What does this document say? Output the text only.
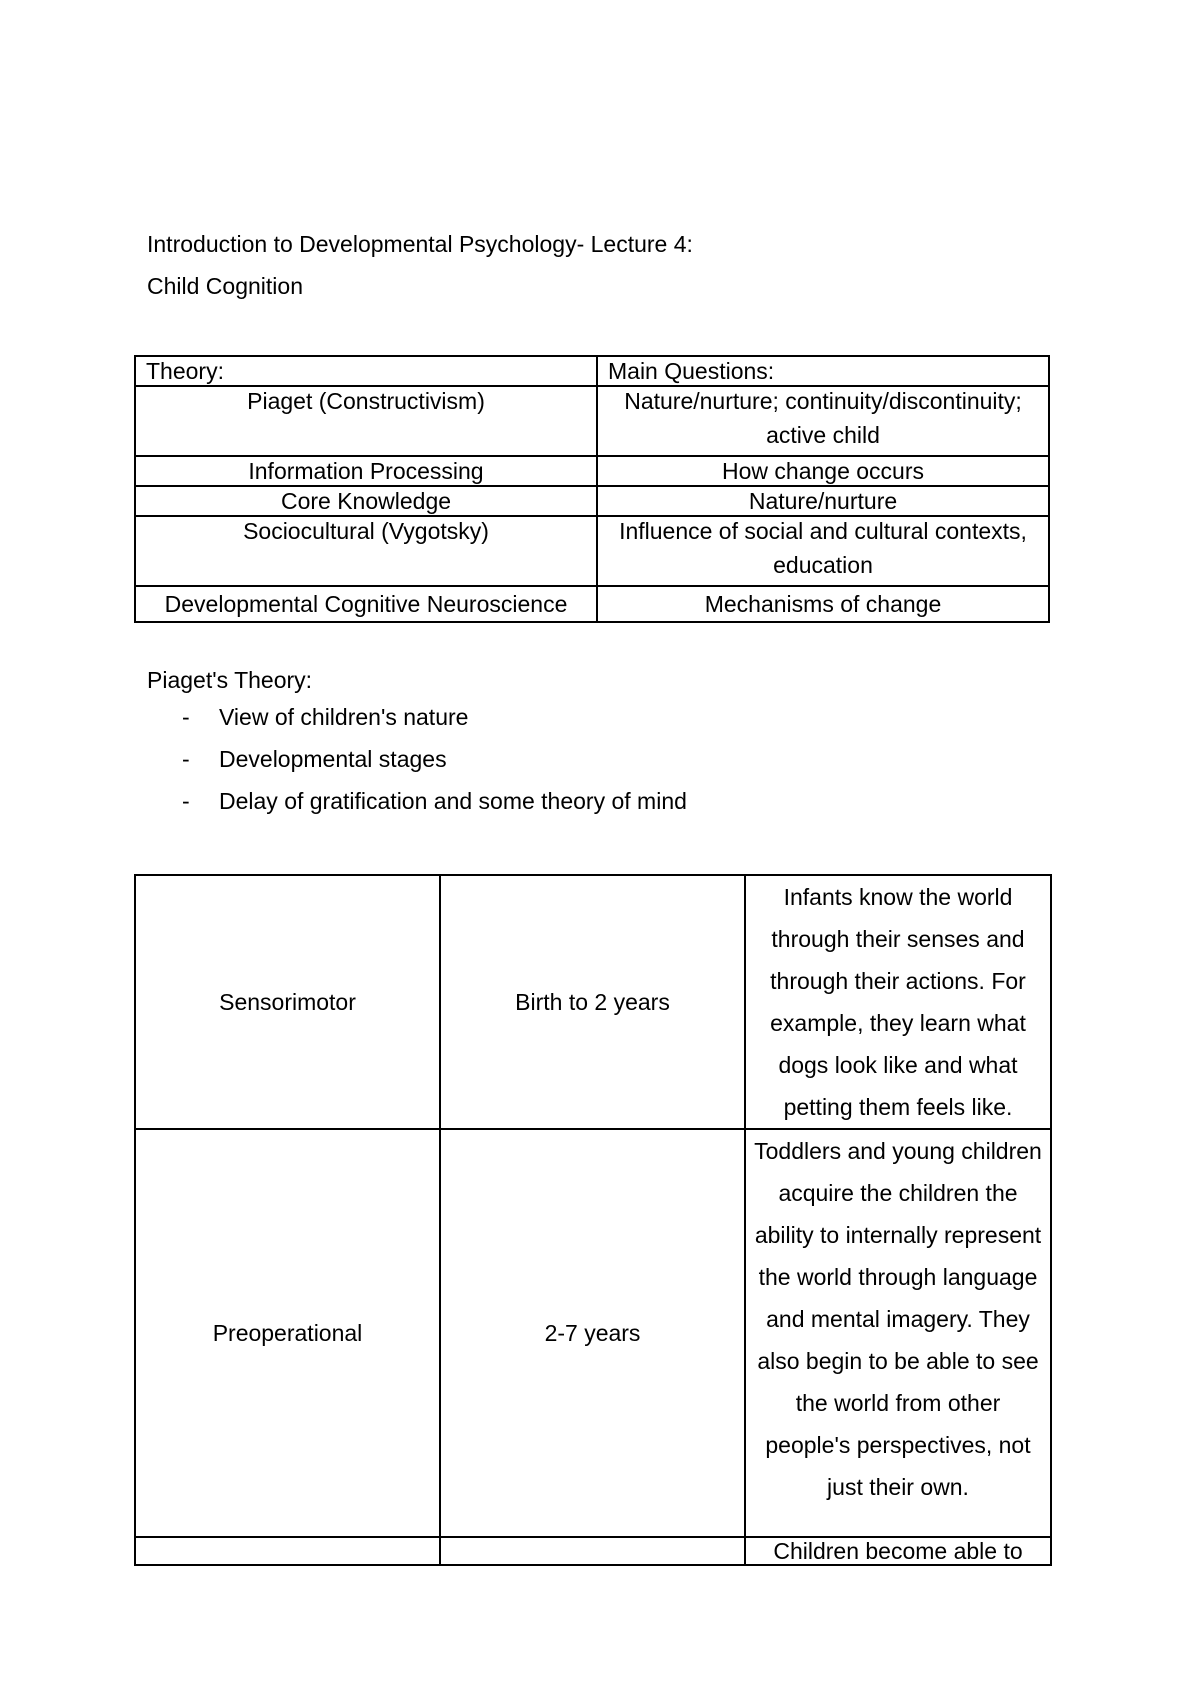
Introduction to Developmental Psychology- Lecture 4:
Child Cognition
Theory:	Main Questions:
Piaget (Constructivism)	Nature/nurture; continuity/discontinuity;
active child

Information Processing	How change occurs
Core Knowledge	Nature/nurture
Sociocultural (Vygotsky)	Influence of social and cultural contexts,
education

Developmental Cognitive Neuroscience	Mechanisms of change
Piaget's Theory:
- View of children's nature
- Developmental stages
- Delay of gratification and some theory of mind
Sensorimotor	Birth to 2 years	Infants know the world through their senses and through their actions. For example, they learn what dogs look like and what petting them feels like.
Preoperational	2-7 years	Toddlers and young children acquire the children the ability to internally represent the world through language and mental imagery. They also begin to be able to see the world from other people's perspectives, not just their own.
		Children become able to
